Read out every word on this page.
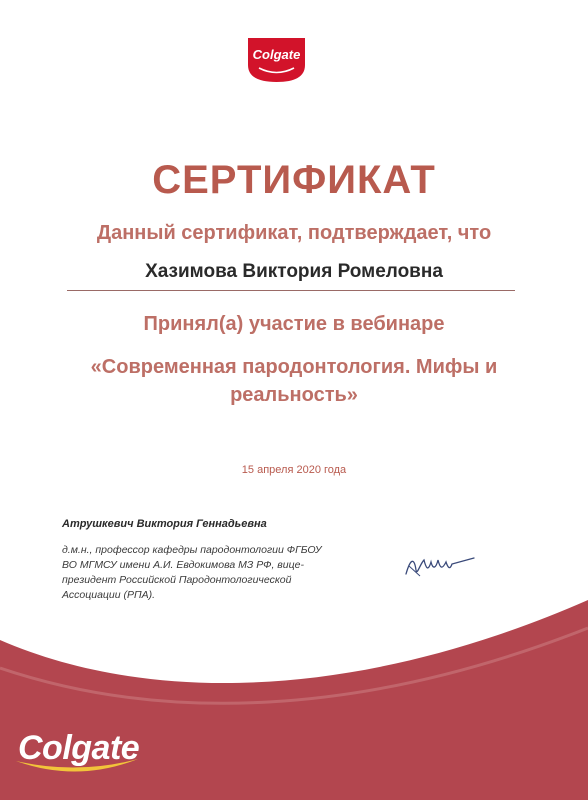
Colgate
СЕРТИФИКАТ
Данный сертификат, подтверждает, что
Хазимова Виктория Ромеловна
Принял(а) участие в вебинаре
«Современная пародонтология. Мифы и реальность»
15 апреля 2020 года
Атрушкевич Виктория Геннадьевна
д.м.н., профессор кафедры пародонтологии ФГБОУ ВО МГМСУ имени А.И. Евдокимова МЗ РФ, вице-президент Российской Пародонтологической Ассоциации (РПА).
Colgate
